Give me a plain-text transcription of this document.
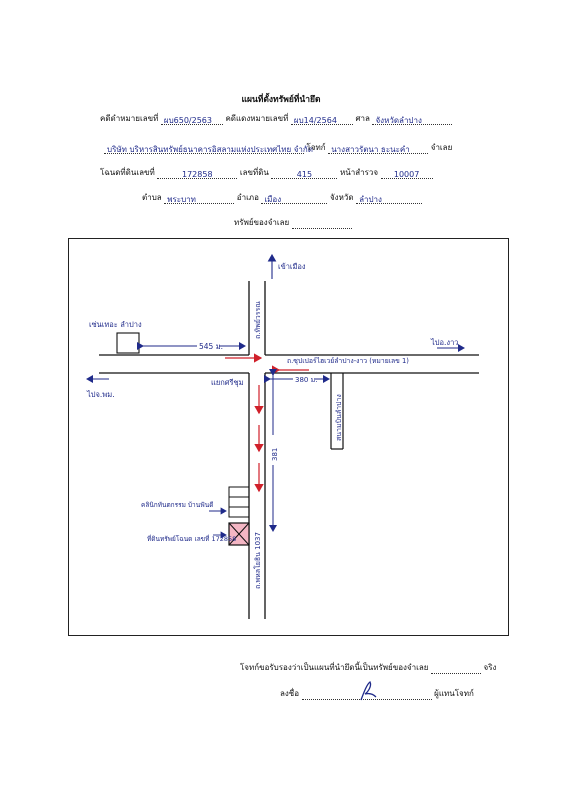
แผนที่ตั้งทรัพย์ที่นำยึด
คดีดำหมายเลขที่ ผบ650/2563 คดีแดงหมายเลขที่ ผบ14/2564 ศาล จังหวัดลำปาง
บริษัท บริหารสินทรัพย์ธนาคารอิสลามแห่งประเทศไทย จำกัด โจทก์ นางสาวรัตนา ธะนะคำ	จำเลย
โฉนดที่ดินเลขที่	172858	เลขที่ดิน	415	หน้าสำรวจ 10007
ตำบล พระบาท	อำเภอ เมือง	จังหวัด ลำปาง
ทรัพย์ของจำเลย
เข้าเมือง
เซ่นเทอะ ลำปาง
545 ม.	ไปอ.งาว
ไปจ.พม.
ถ.ซุปเปอร์ไฮเวย์ลำปาง-งาว (หมายเลข 1)
ถ.ทิพย์วรรณ
แยกศรีชุม	380 ม.
สนามบินลำปาง
381
คลินิกทันตกรรม บ้านฟันดี
ที่ดินทรัพย์โฉนด เลขที่ 172858	ถ.พหลโยธิน 1037
โจทก์ขอรับรองว่าเป็นแผนที่นำยึดนี้เป็นทรัพย์ของจำเลย	จริง
ลงชื่อ	ผู้แทนโจทก์
